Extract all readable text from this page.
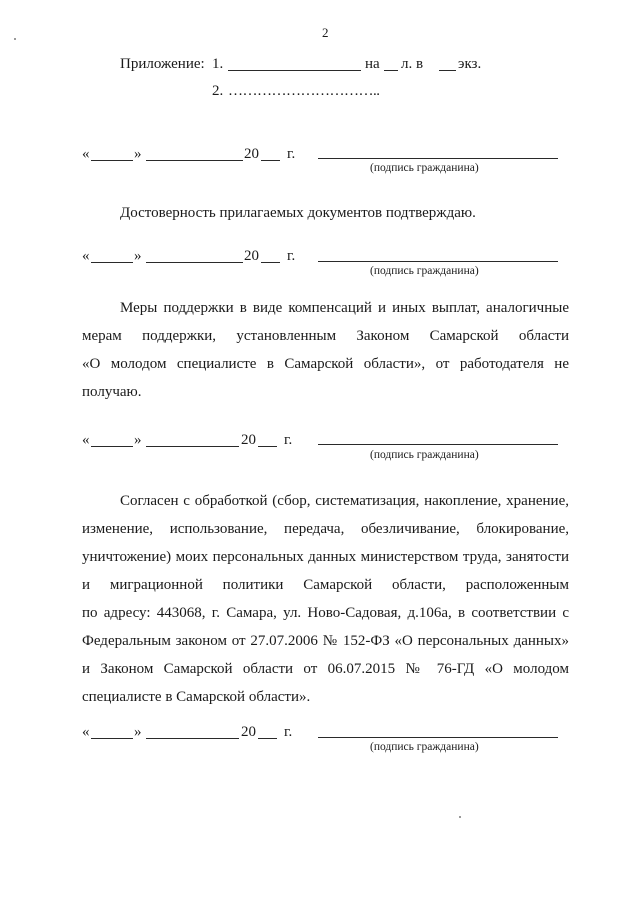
2
Приложение: 1.	на л. в экз.
2. …………………………..
«	»	20 г.
(подпись гражданина)
Достоверность прилагаемых документов подтверждаю.
«	»	20 г.
(подпись гражданина)
Меры поддержки в виде компенсаций и иных выплат, аналогичные
мерам поддержки, установленным Законом Самарской области
«О молодом специалисте в Самарской области», от работодателя не
получаю.
«	»	20 г.
(подпись гражданина)
Согласен с обработкой (сбор, систематизация, накопление, хранение,
изменение, использование, передача, обезличивание, блокирование,
уничтожение) моих персональных данных министерством труда, занятости
и миграционной политики Самарской области, расположенным
по адресу: 443068, г. Самара, ул. Ново-Садовая, д.106а, в соответствии с
Федеральным законом от 27.07.2006 № 152-ФЗ «О персональных данных»
и Законом Самарской области от 06.07.2015 № 76-ГД «О молодом
специалисте в Самарской области».
«	»	20 г.
(подпись гражданина)
